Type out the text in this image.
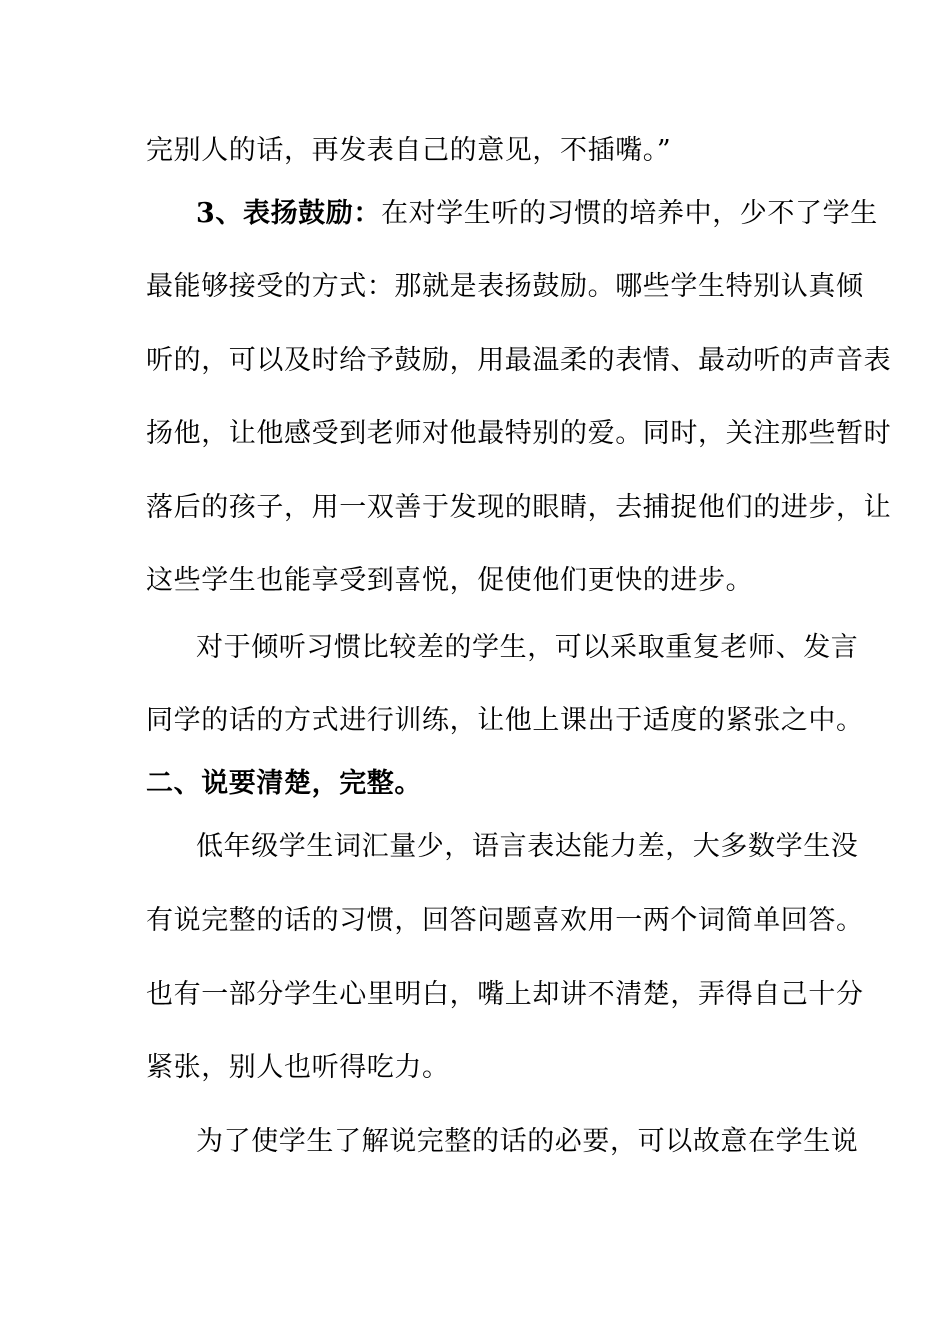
完别人的话，再发表自己的意见，不插嘴。”
3、表扬鼓励：在对学生听的习惯的培养中，少不了学生
最能够接受的方式：那就是表扬鼓励。哪些学生特别认真倾
听的，可以及时给予鼓励，用最温柔的表情、最动听的声音表
扬他，让他感受到老师对他最特别的爱。同时，关注那些暂时
落后的孩子，用一双善于发现的眼睛，去捕捉他们的进步，让
这些学生也能享受到喜悦，促使他们更快的进步。
对于倾听习惯比较差的学生，可以采取重复老师、发言
同学的话的方式进行训练，让他上课出于适度的紧张之中。
二、说要清楚，完整。
低年级学生词汇量少，语言表达能力差，大多数学生没
有说完整的话的习惯，回答问题喜欢用一两个词简单回答。
也有一部分学生心里明白，嘴上却讲不清楚，弄得自己十分
紧张，别人也听得吃力。
为了使学生了解说完整的话的必要，可以故意在学生说
